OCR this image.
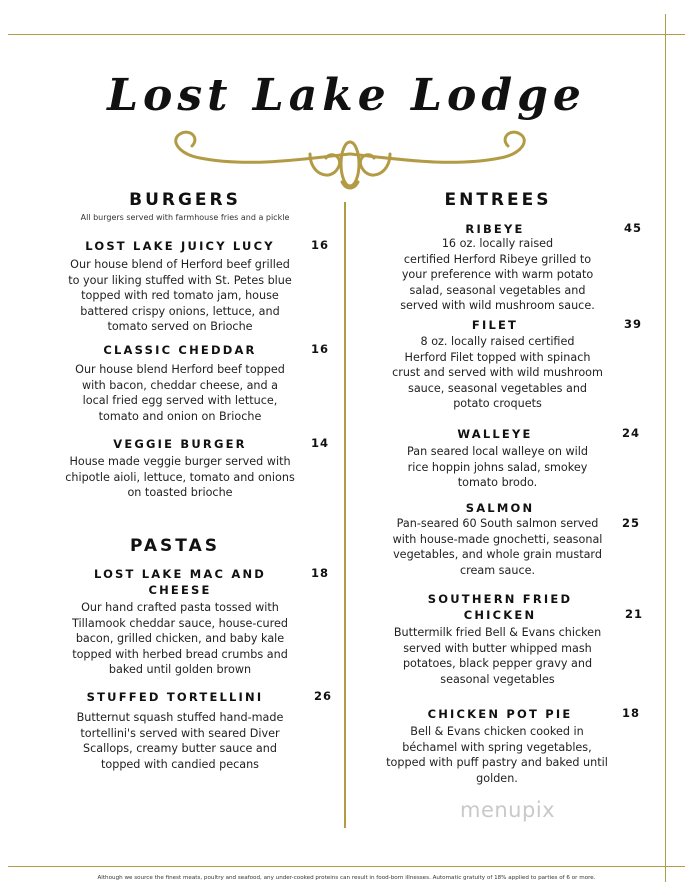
Lost Lake Lodge
BURGERS
All burgers served with farmhouse fries and a pickle
LOST LAKE JUICY LUCY	16
Our house blend of Herford beef grilled
to your liking stuffed with St. Petes blue
topped with red tomato jam, house
battered crispy onions, lettuce, and
tomato served on Brioche
CLASSIC CHEDDAR	16
Our house blend Herford beef topped
with bacon, cheddar cheese, and a
local fried egg served with lettuce,
tomato and onion on Brioche
VEGGIE BURGER	14
House made veggie burger served with
chipotle aioli, lettuce, tomato and onions
on toasted brioche
PASTAS
LOST LAKE MAC AND
CHEESE
18
Our hand crafted pasta tossed with
Tillamook cheddar sauce, house-cured
bacon, grilled chicken, and baby kale
topped with herbed bread crumbs and
baked until golden brown
STUFFED TORTELLINI	26
Butternut squash stuffed hand-made
tortellini's served with seared Diver
Scallops, creamy butter sauce and
topped with candied pecans
ENTREES
RIBEYE	45
16 oz. locally raised
certified Herford Ribeye grilled to
your preference with warm potato
salad, seasonal vegetables and
served with wild mushroom sauce.
FILET	39
8 oz. locally raised certified
Herford Filet topped with spinach
crust and served with wild mushroom
sauce, seasonal vegetables and
potato croquets
WALLEYE	24
Pan seared local walleye on wild
rice hoppin johns salad, smokey
tomato brodo.
SALMON
25
Pan-seared 60 South salmon served
with house-made gnochetti, seasonal
vegetables, and whole grain mustard
cream sauce.
SOUTHERN FRIED
CHICKEN	21
Buttermilk fried Bell & Evans chicken
served with butter whipped mash
potatoes, black pepper gravy and
seasonal vegetables
CHICKEN POT PIE	18
Bell & Evans chicken cooked in
béchamel with spring vegetables,
topped with puff pastry and baked until
golden.
menupix
Although we source the finest meats, poultry and seafood, any under-cooked proteins can result in food-born illnesses. Automatic gratuity of 18% applied to parties of 6 or more.
